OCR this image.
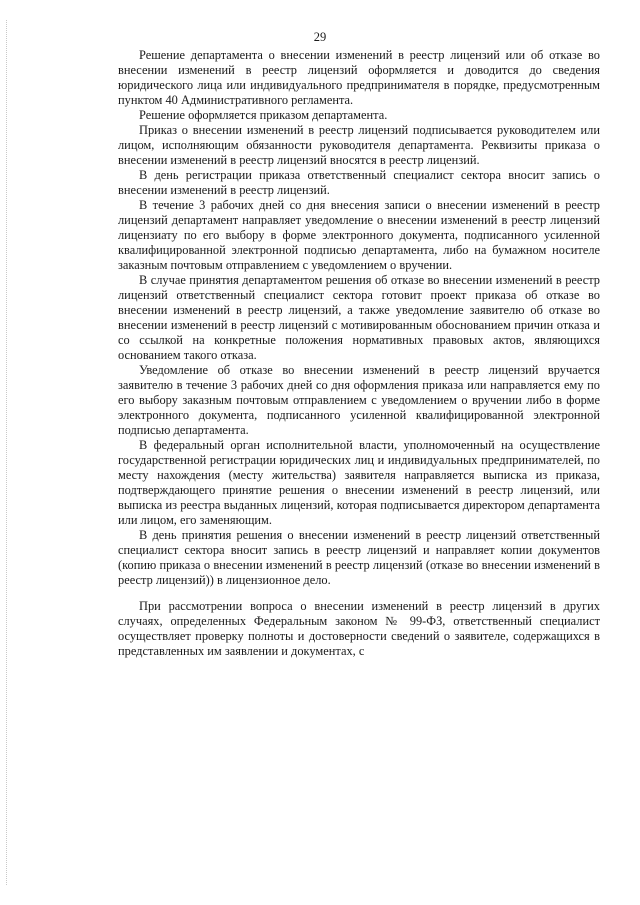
29

Решение департамента о внесении изменений в реестр лицензий или об отказе во внесении изменений в реестр лицензий оформляется и доводится до сведения юридического лица или индивидуального предпринимателя в порядке, предусмотренным пунктом 40 Административного регламента.

Решение оформляется приказом департамента.

Приказ о внесении изменений в реестр лицензий подписывается руководителем или лицом, исполняющим обязанности руководителя департамента. Реквизиты приказа о внесении изменений в реестр лицензий вносятся в реестр лицензий.

В день регистрации приказа ответственный специалист сектора вносит запись о внесении изменений в реестр лицензий.

В течение 3 рабочих дней со дня внесения записи о внесении изменений в реестр лицензий департамент направляет уведомление о внесении изменений в реестр лицензий лицензиату по его выбору в форме электронного документа, подписанного усиленной квалифицированной электронной подписью департамента, либо на бумажном носителе заказным почтовым отправлением с уведомлением о вручении.

В случае принятия департаментом решения об отказе во внесении изменений в реестр лицензий ответственный специалист сектора готовит проект приказа об отказе во внесении изменений в реестр лицензий, а также уведомление заявителю об отказе во внесении изменений в реестр лицензий с мотивированным обоснованием причин отказа и со ссылкой на конкретные положения нормативных правовых актов, являющихся основанием такого отказа.

Уведомление об отказе во внесении изменений в реестр лицензий вручается заявителю в течение 3 рабочих дней со дня оформления приказа или направляется ему по его выбору заказным почтовым отправлением с уведомлением о вручении либо в форме электронного документа, подписанного усиленной квалифицированной электронной подписью департамента.

В федеральный орган исполнительной власти, уполномоченный на осуществление государственной регистрации юридических лиц и индивидуальных предпринимателей, по месту нахождения (месту жительства) заявителя направляется выписка из приказа, подтверждающего принятие решения о внесении изменений в реестр лицензий, или выписка из реестра выданных лицензий, которая подписывается директором департамента или лицом, его заменяющим.

В день принятия решения о внесении изменений в реестр лицензий ответственный специалист сектора вносит запись в реестр лицензий и направляет копии документов (копию приказа о внесении изменений в реестр лицензий (отказе во внесении изменений в реестр лицензий)) в лицензионное дело.

При рассмотрении вопроса о внесении изменений в реестр лицензий в других случаях, определенных Федеральным законом № 99-ФЗ, ответственный специалист осуществляет проверку полноты и достоверности сведений о заявителе, содержащихся в представленных им заявлении и документах, с
